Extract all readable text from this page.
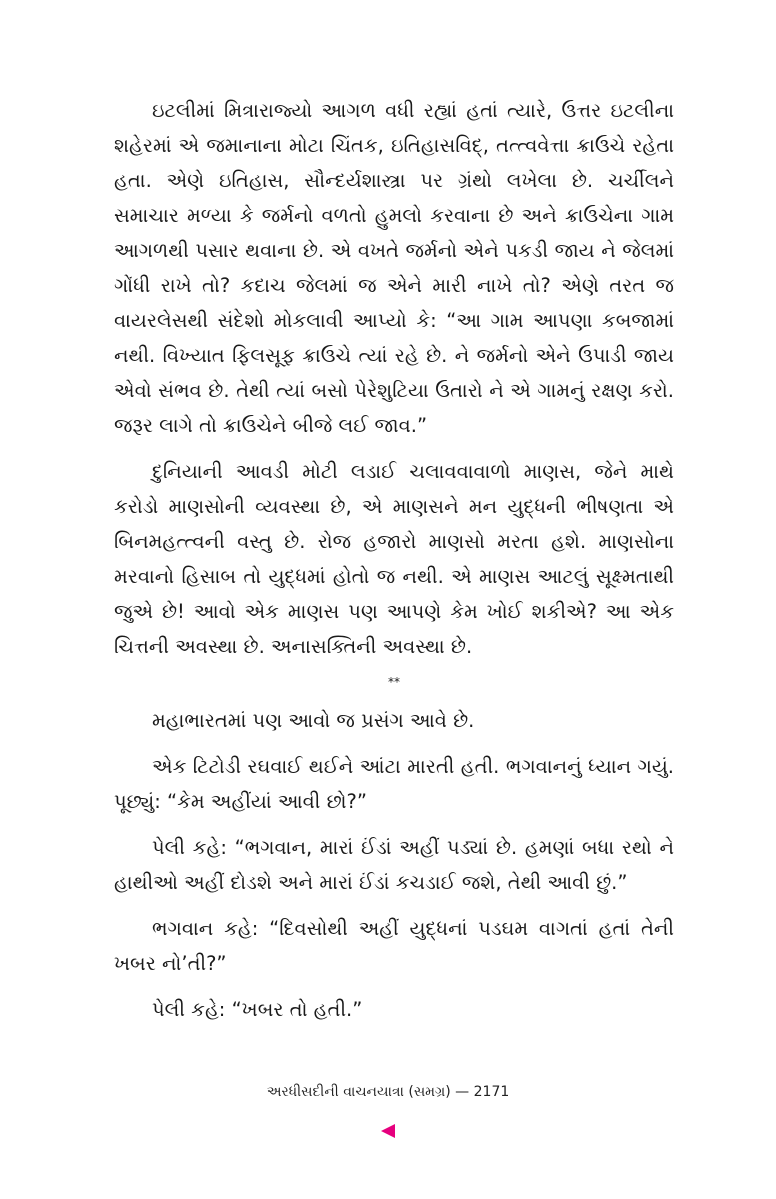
ઇટલીમાં મિત્રારાજ્યો આગળ વધી રહ્યાં હતાં ત્યારે, ઉત્તર ઇટલીના શહેરમાં એ જમાનાના મોટા ચિંતક, ઇતિહાસવિદ્, તત્ત્વવેત્તા ક્રાઉચે રહેતા હતા. એણે ઇતિહાસ, સૌન્દર્યશાસ્ત્રા પર ગ્રંથો લખેલા છે. ચર્ચીલને સમાચાર મળ્યા કે જર્મનો વળતો હુમલો કરવાના છે અને ક્રાઉચેના ગામ આગળથી પસાર થવાના છે. એ વખતે જર્મનો એને પકડી જાય ને જેલમાં ગોંધી રાખે તો? કદાચ જેલમાં જ એને મારી નાખે તો? એણે તરત જ વાયરલેસથી સંદેશો મોકલાવી આપ્યો કે: “આ ગામ આપણા કબજામાં નથી. વિખ્યાત ફિલસૂફ ક્રાઉચે ત્યાં રહે છે. ને જર્મનો એને ઉપાડી જાય એવો સંભવ છે. તેથી ત્યાં બસો પેરેશુટિયા ઉતારો ને એ ગામનું રક્ષણ કરો. જરૂર લાગે તો ક્રાઉચેને બીજે લઈ જાવ.”

દુનિયાની આવડી મોટી લડાઈ ચલાવવાવાળો માણસ, જેને માથે કરોડો માણસોની વ્યવસ્થા છે, એ માણસને મન યુદ્ધની ભીષણતા એ બિનમહત્ત્વની વસ્તુ છે. રોજ હજારો માણસો મરતા હશે. માણસોના મરવાનો હિસાબ તો યુદ્ધમાં હોતો જ નથી. એ માણસ આટલું સૂક્ષ્મતાથી જુએ છે! આવો એક માણસ પણ આપણે કેમ ખોઈ શકીએ? આ એક ચિત્તની અવસ્થા છે. અનાસક્તિની અવસ્થા છે.

**

મહાભારતમાં પણ આવો જ પ્રસંગ આવે છે.

એક ટિટોડી રઘવાઈ થઈને આંટા મારતી હતી. ભગવાનનું ધ્યાન ગયું. પૂછ્યું: “કેમ અહીંયાં આવી છો?”

પેલી કહે: “ભગવાન, મારાં ઈંડાં અહીં પડ્યાં છે. હમણાં બધા રથો ને હાથીઓ અહીં દોડશે અને મારાં ઈંડાં કચડાઈ જશે, તેથી આવી છું.”

ભગવાન કહે: “દિવસોથી અહીં યુદ્ધનાં પડઘમ વાગતાં હતાં તેની ખબર નો’તી?”

પેલી કહે: “ખબર તો હતી.”

અરધીસદીની વાચનયાત્રા (સમગ્ર) — 2171
